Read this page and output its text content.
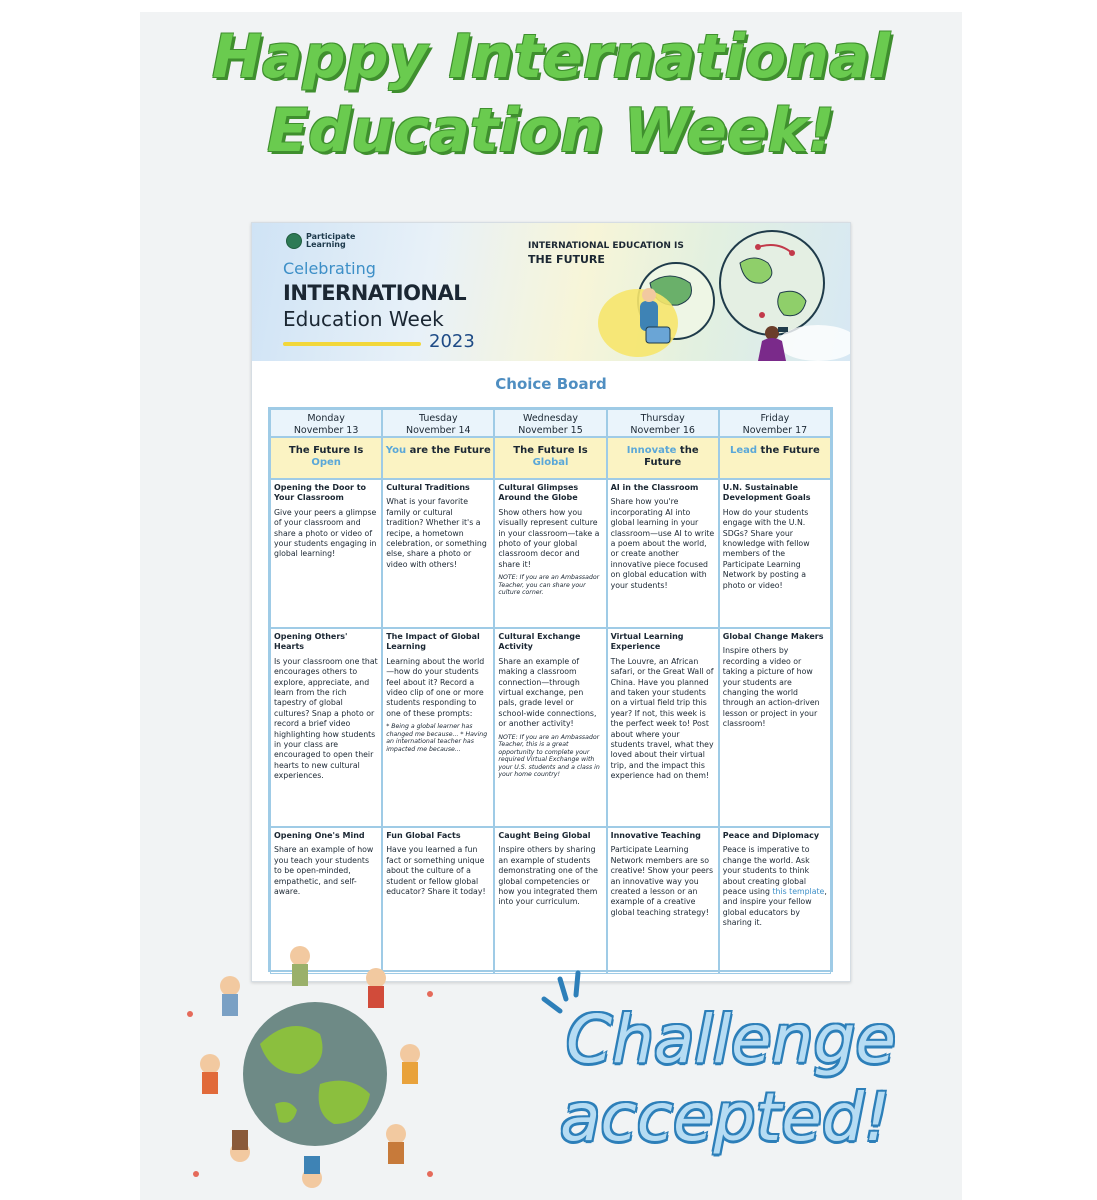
Happy International
Education Week!
Participate Learning
Celebrating
INTERNATIONAL
Education Week
2023
INTERNATIONAL EDUCATION IS
THE FUTURE
Choice Board
Monday
November 13
Tuesday
November 14
Wednesday
November 15
Thursday
November 16
Friday
November 17
The Future Is
Open
You are the Future	The Future Is
Global
Innovate the Future
Lead the Future
Opening the Door to Your Classroom
Give your peers a glimpse of your classroom and share a photo or video of your students engaging in global learning!
Cultural Traditions
What is your favorite family or cultural tradition? Whether it's a recipe, a hometown celebration, or something else, share a photo or video with others!
Cultural Glimpses Around the Globe
Show others how you visually represent culture in your classroom—take a photo of your global classroom decor and share it!
NOTE: If you are an Ambassador Teacher, you can share your culture corner.
AI in the Classroom
Share how you're incorporating AI into global learning in your classroom—use AI to write a poem about the world, or create another innovative piece focused on global education with your students!
U.N. Sustainable Development Goals
How do your students engage with the U.N. SDGs? Share your knowledge with fellow members of the Participate Learning Network by posting a photo or video!
Opening Others' Hearts
Is your classroom one that encourages others to explore, appreciate, and learn from the rich tapestry of global cultures? Snap a photo or record a brief video highlighting how students in your class are encouraged to open their hearts to new cultural experiences.
The Impact of Global Learning
Learning about the world—how do your students feel about it? Record a video clip of one or more students responding to one of these prompts:
* Being a global learner has changed me because... * Having an international teacher has impacted me because...
Cultural Exchange Activity
Share an example of making a classroom connection—through virtual exchange, pen pals, grade level or school-wide connections, or another activity!
NOTE: If you are an Ambassador Teacher, this is a great opportunity to complete your required Virtual Exchange with your U.S. students and a class in your home country!
Virtual Learning Experience
The Louvre, an African safari, or the Great Wall of China. Have you planned and taken your students on a virtual field trip this year? If not, this week is the perfect week to! Post about where your students travel, what they loved about their virtual trip, and the impact this experience had on them!
Global Change Makers
Inspire others by recording a video or taking a picture of how your students are changing the world through an action-driven lesson or project in your classroom!
Opening One's Mind
Share an example of how you teach your students to be open-minded, empathetic, and self-aware.
Fun Global Facts
Have you learned a fun fact or something unique about the culture of a student or fellow global educator? Share it today!
Caught Being Global
Inspire others by sharing an example of students demonstrating one of the global competencies or how you integrated them into your curriculum.
Innovative Teaching
Participate Learning Network members are so creative! Show your peers an innovative way you created a lesson or an example of a creative global teaching strategy!
Peace and Diplomacy
Peace is imperative to change the world. Ask your students to think about creating global peace using this template, and inspire your fellow global educators by sharing it.
Challenge
accepted!
